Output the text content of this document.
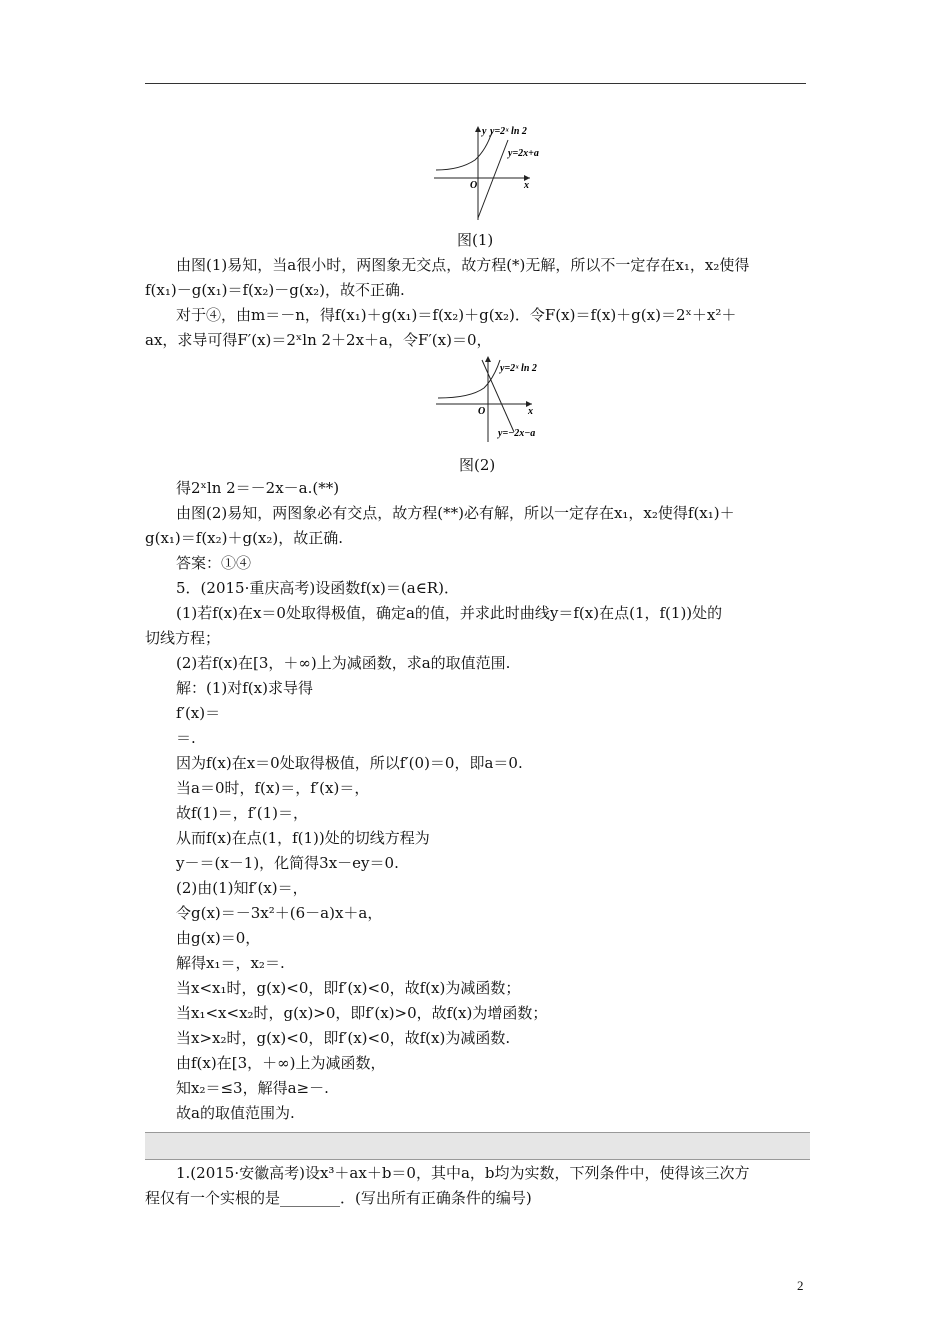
y y=2ˣ ln 2
y=2x+a
O	x
图(1)
y=2ˣ ln 2
O	x
y=−2x−a
图(2)
由图(1)易知，当a很小时，两图象无交点，故方程(*)无解，所以不一定存在x₁，x₂使得
f(x₁)－g(x₁)＝f(x₂)－g(x₂)，故不正确.
对于④，由m＝－n，得f(x₁)＋g(x₁)＝f(x₂)＋g(x₂)．令F(x)＝f(x)＋g(x)＝2ˣ＋x²＋
ax，求导可得F′(x)＝2ˣln 2＋2x＋a，令F′(x)＝0，
得2ˣln 2＝－2x－a.(**)
由图(2)易知，两图象必有交点，故方程(**)必有解，所以一定存在x₁，x₂使得f(x₁)＋
g(x₁)＝f(x₂)＋g(x₂)，故正确.
答案：①④
5．(2015·重庆高考)设函数f(x)＝(a∈R)．
(1)若f(x)在x＝0处取得极值，确定a的值，并求此时曲线y＝f(x)在点(1，f(1))处的
切线方程；
(2)若f(x)在[3，＋∞)上为减函数，求a的取值范围.
解：(1)对f(x)求导得
f′(x)＝
＝.
因为f(x)在x＝0处取得极值，所以f′(0)＝0，即a＝0.
当a＝0时，f(x)＝，f′(x)＝，
故f(1)＝，f′(1)＝，
从而f(x)在点(1，f(1))处的切线方程为
y－＝(x－1)，化简得3x－ey＝0.
(2)由(1)知f′(x)＝，
令g(x)＝－3x²＋(6－a)x＋a，
由g(x)＝0，
解得x₁＝，x₂＝.
当x<x₁时，g(x)<0，即f′(x)<0，故f(x)为减函数；
当x₁<x<x₂时，g(x)>0，即f′(x)>0，故f(x)为增函数；
当x>x₂时，g(x)<0，即f′(x)<0，故f(x)为减函数.
由f(x)在[3，＋∞)上为减函数，
知x₂＝≤3，解得a≥－.
故a的取值范围为.
1.(2015·安徽高考)设x³＋ax＋b＝0，其中a，b均为实数，下列条件中，使得该三次方
程仅有一个实根的是________．(写出所有正确条件的编号)
2
